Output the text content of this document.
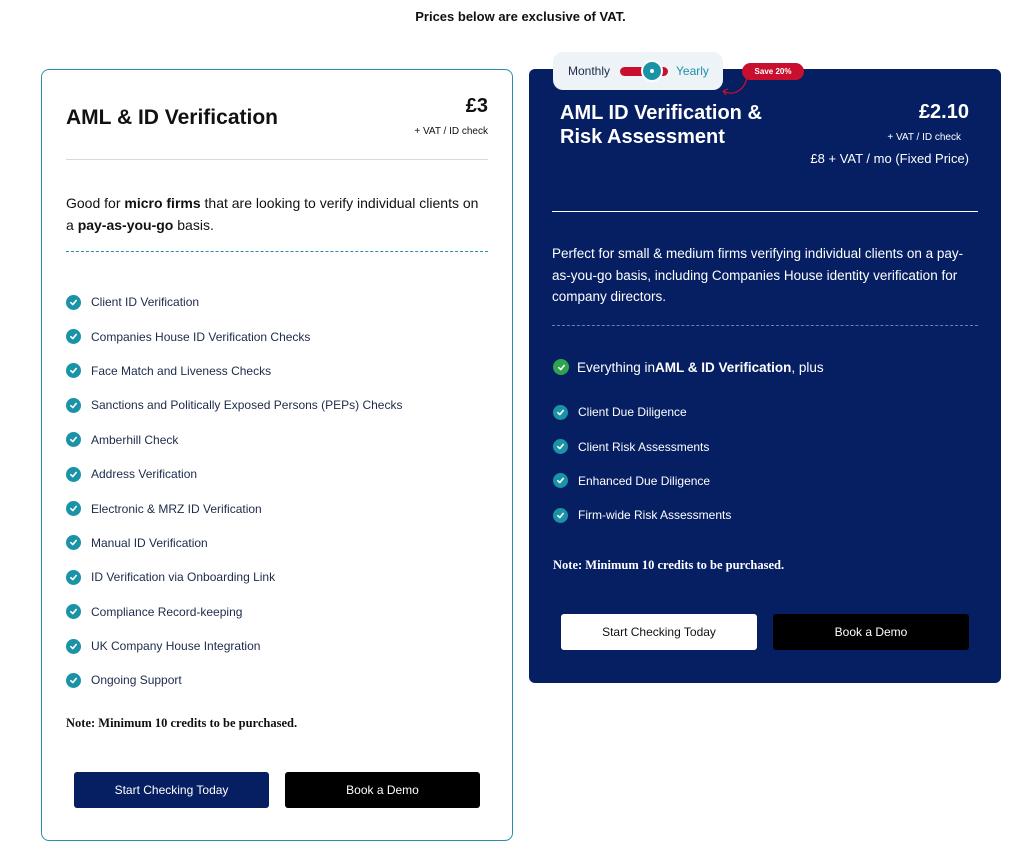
Prices below are exclusive of VAT.
AML & ID Verification	£3
+ VAT / ID check
Good for micro firms that are looking to verify individual clients on a pay-as-you-go basis.
Client ID Verification
Companies House ID Verification Checks
Face Match and Liveness Checks
Sanctions and Politically Exposed Persons (PEPs) Checks
Amberhill Check
Address Verification
Electronic & MRZ ID Verification
Manual ID Verification
ID Verification via Onboarding Link
Compliance Record-keeping
UK Company House Integration
Ongoing Support
Note: Minimum 10 credits to be purchased.
Start Checking Today	Book a Demo
AML ID Verification & Risk Assessment
£2.10
+ VAT / ID check
£8 + VAT / mo (Fixed Price)
Perfect for small & medium firms verifying individual clients on a pay-as-you-go basis, including Companies House identity verification for company directors.
Everything in AML & ID Verification , plus
Client Due Diligence
Client Risk Assessments
Enhanced Due Diligence
Firm-wide Risk Assessments
Note: Minimum 10 credits to be purchased.
Start Checking Today	Book a Demo
Monthly	Yearly	Save 20%
